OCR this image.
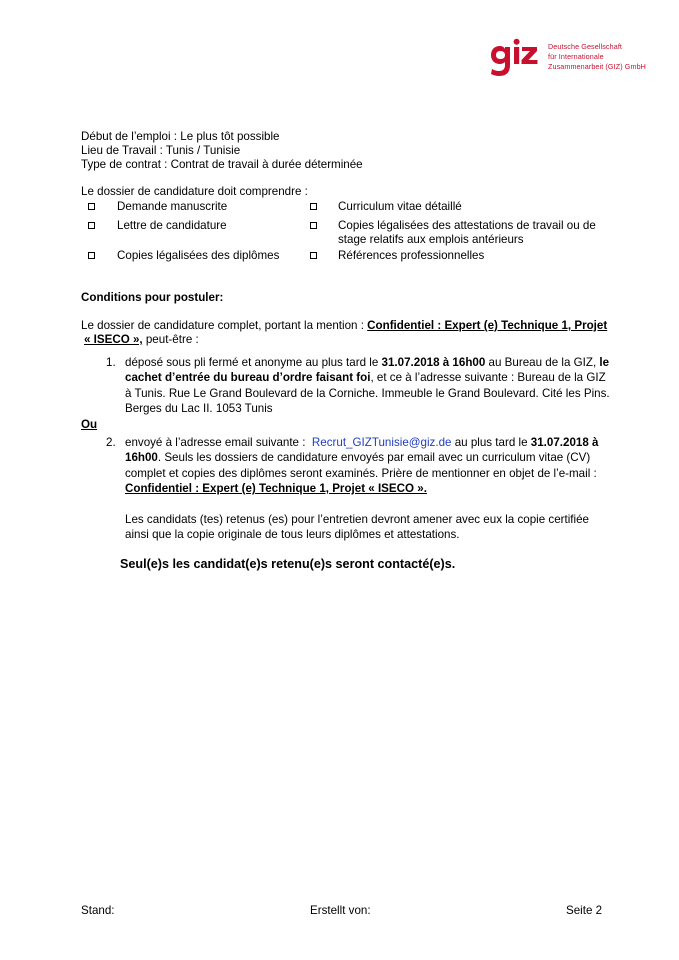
Deutsche Gesellschaft
für Internationale
Zusammenarbeit (GIZ) GmbH
Début de l’emploi : Le plus tôt possible
Lieu de Travail : Tunis / Tunisie
Type de contrat : Contrat de travail à durée déterminée
Le dossier de candidature doit comprendre :
Demande manuscrite
Lettre de candidature
Copies légalisées des diplômes
Curriculum vitae détaillé
Copies légalisées des attestations de travail ou de
stage relatifs aux emplois antérieurs
Références professionnelles
Conditions pour postuler:
Le dossier de candidature complet, portant la mention : Confidentiel : Expert (e) Technique 1, Projet
« ISECO », peut-être :
1. déposé sous pli fermé et anonyme au plus tard le 31.07.2018 à 16h00 au Bureau de la GIZ, le
cachet d’entrée du bureau d’ordre faisant foi, et ce à l’adresse suivante : Bureau de la GIZ
à Tunis. Rue Le Grand Boulevard de la Corniche. Immeuble le Grand Boulevard. Cité les Pins.
Berges du Lac II. 1053 Tunis
Ou
2. envoyé à l’adresse email suivante : Recrut_GIZTunisie@giz.de au plus tard le 31.07.2018 à
16h00. Seuls les dossiers de candidature envoyés par email avec un curriculum vitae (CV)
complet et copies des diplômes seront examinés. Prière de mentionner en objet de l’e-mail :
Confidentiel : Expert (e) Technique 1, Projet « ISECO ».
Les candidats (tes) retenus (es) pour l’entretien devront amener avec eux la copie certifiée
ainsi que la copie originale de tous leurs diplômes et attestations.
Seul(e)s les candidat(e)s retenu(e)s seront contacté(e)s.
Stand:	Erstellt von:	Seite 2
